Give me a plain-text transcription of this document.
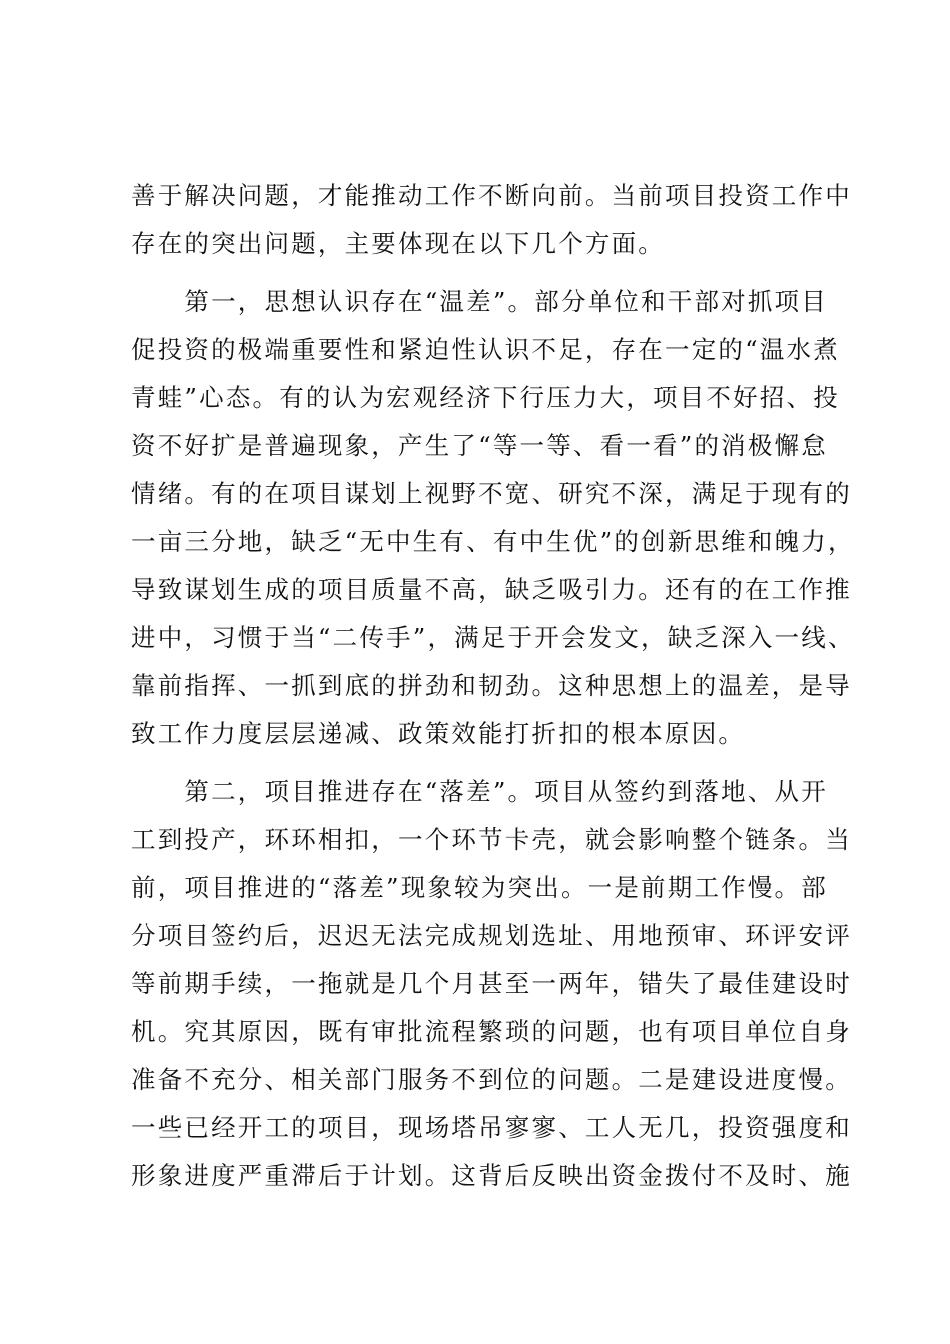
善于解决问题，才能推动工作不断向前。当前项目投资工作中
存在的突出问题，主要体现在以下几个方面。
　　第一，思想认识存在“温差”。部分单位和干部对抓项目
促投资的极端重要性和紧迫性认识不足，存在一定的“温水煮
青蛙”心态。有的认为宏观经济下行压力大，项目不好招、投
资不好扩是普遍现象，产生了“等一等、看一看”的消极懈怠
情绪。有的在项目谋划上视野不宽、研究不深，满足于现有的
一亩三分地，缺乏“无中生有、有中生优”的创新思维和魄力，
导致谋划生成的项目质量不高，缺乏吸引力。还有的在工作推
进中，习惯于当“二传手”，满足于开会发文，缺乏深入一线、
靠前指挥、一抓到底的拼劲和韧劲。这种思想上的温差，是导
致工作力度层层递减、政策效能打折扣的根本原因。
　　第二，项目推进存在“落差”。项目从签约到落地、从开
工到投产，环环相扣，一个环节卡壳，就会影响整个链条。当
前，项目推进的“落差”现象较为突出。一是前期工作慢。部
分项目签约后，迟迟无法完成规划选址、用地预审、环评安评
等前期手续，一拖就是几个月甚至一两年，错失了最佳建设时
机。究其原因，既有审批流程繁琐的问题，也有项目单位自身
准备不充分、相关部门服务不到位的问题。二是建设进度慢。
一些已经开工的项目，现场塔吊寥寥、工人无几，投资强度和
形象进度严重滞后于计划。这背后反映出资金拨付不及时、施
